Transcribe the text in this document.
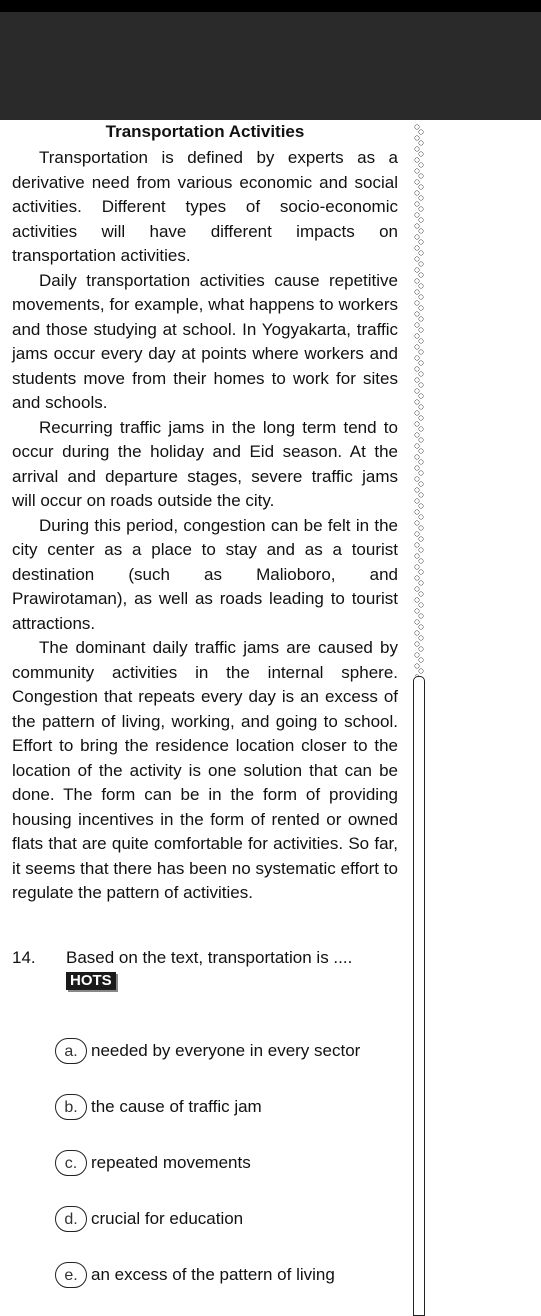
Transportation Activities

Transportation is defined by experts as a derivative need from various economic and social activities. Different types of socio-economic activities will have different impacts on transportation activities.

Daily transportation activities cause repetitive movements, for example, what happens to workers and those studying at school. In Yogyakarta, traffic jams occur every day at points where workers and students move from their homes to work for sites and schools.

Recurring traffic jams in the long term tend to occur during the holiday and Eid season. At the arrival and departure stages, severe traffic jams will occur on roads outside the city.

During this period, congestion can be felt in the city center as a place to stay and as a tourist destination (such as Malioboro, and Prawirotaman), as well as roads leading to tourist attractions.

The dominant daily traffic jams are caused by community activities in the internal sphere. Congestion that repeats every day is an excess of the pattern of living, working, and going to school. Effort to bring the residence location closer to the location of the activity is one solution that can be done. The form can be in the form of providing housing incentives in the form of rented or owned flats that are quite comfortable for activities. So far, it seems that there has been no systematic effort to regulate the pattern of activities.

14. Based on the text, transportation is ....
HOTS
a. needed by everyone in every sector
b. the cause of traffic jam
c. repeated movements
d. crucial for education
e. an excess of the pattern of living
